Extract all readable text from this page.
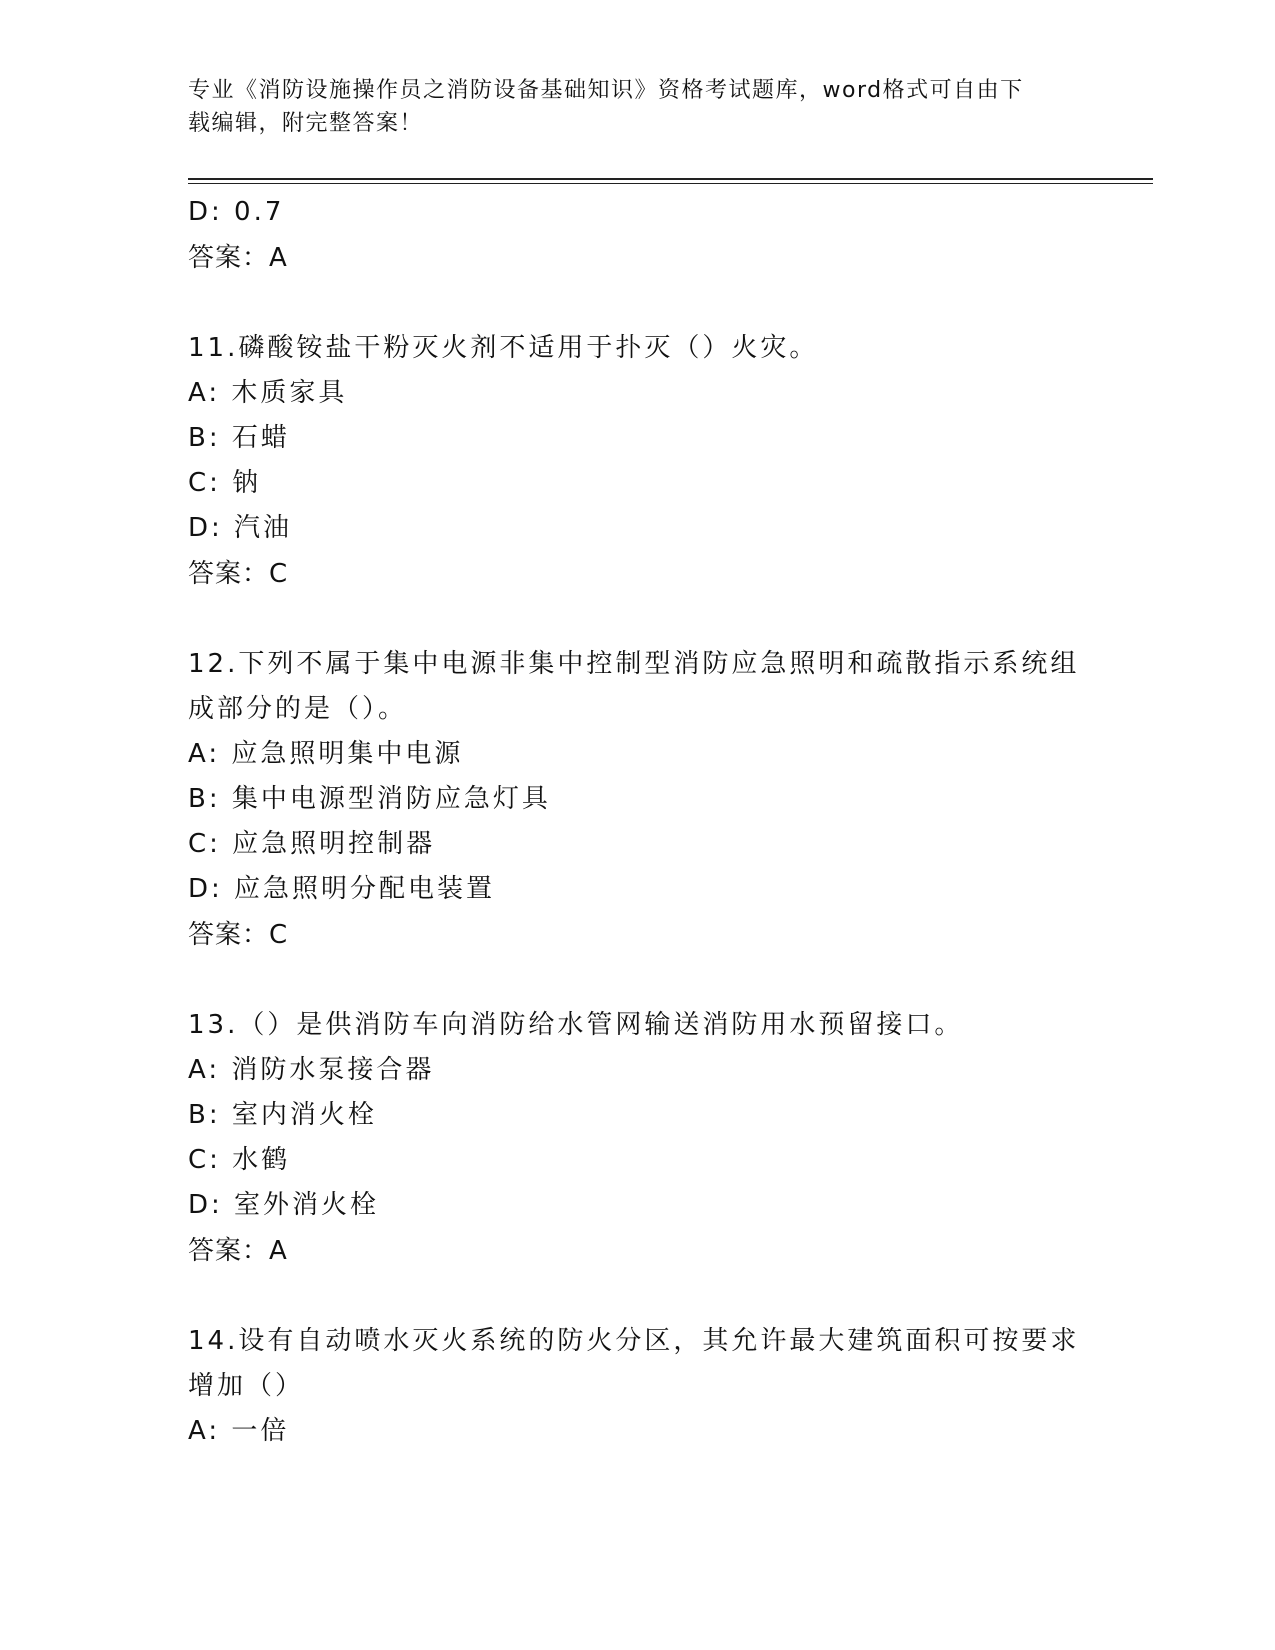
专业《消防设施操作员之消防设备基础知识》资格考试题库，word格式可自由下
载编辑，附完整答案！
D: 0.7
答案：A
11.磷酸铵盐干粉灭火剂不适用于扑灭（）火灾。
A: 木质家具
B: 石蜡
C: 钠
D: 汽油
答案：C
12.下列不属于集中电源非集中控制型消防应急照明和疏散指示系统组
成部分的是（）。
A: 应急照明集中电源
B: 集中电源型消防应急灯具
C: 应急照明控制器
D: 应急照明分配电装置
答案：C
13.（）是供消防车向消防给水管网输送消防用水预留接口。
A: 消防水泵接合器
B: 室内消火栓
C: 水鹤
D: 室外消火栓
答案：A
14.设有自动喷水灭火系统的防火分区，其允许最大建筑面积可按要求
增加（）
A: 一倍
